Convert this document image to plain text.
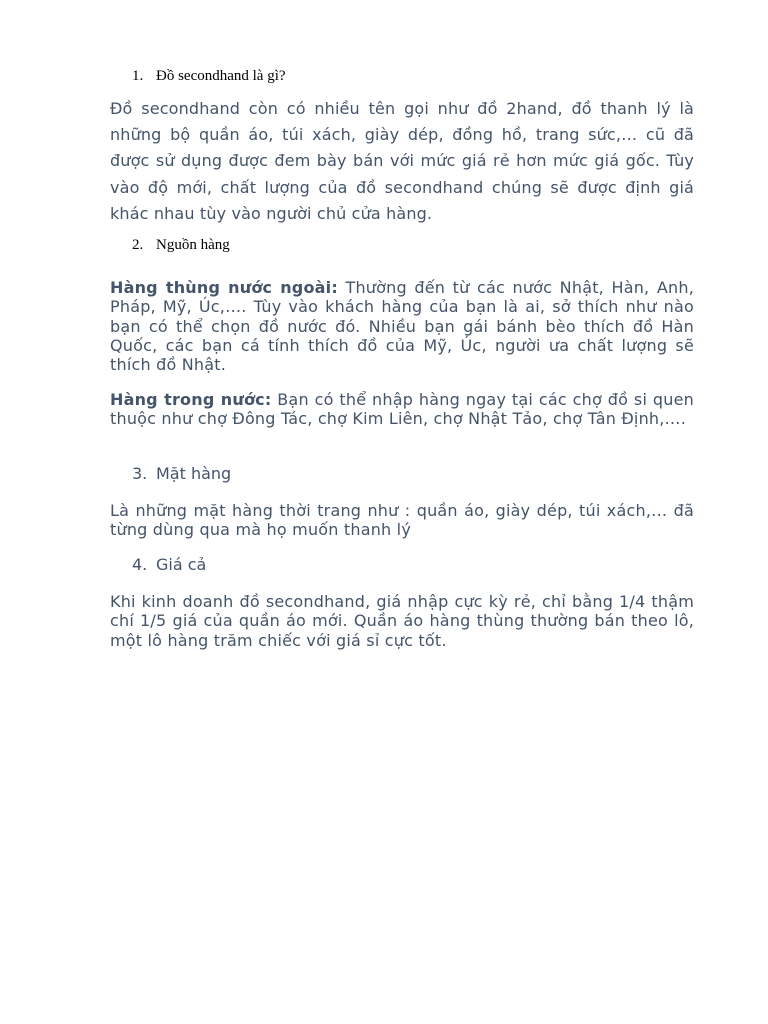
1. Đồ secondhand là gì?

Đồ secondhand còn có nhiều tên gọi như đồ 2hand, đồ thanh lý là những bộ quần áo, túi xách, giày dép, đồng hồ, trang sức,… cũ đã được sử dụng được đem bày bán với mức giá rẻ hơn mức giá gốc. Tùy vào độ mới, chất lượng của đồ secondhand chúng sẽ được định giá khác nhau tùy vào người chủ cửa hàng.

2. Nguồn hàng

Hàng thùng nước ngoài: Thường đến từ các nước Nhật, Hàn, Anh, Pháp, Mỹ, Úc,…. Tùy vào khách hàng của bạn là ai, sở thích như nào bạn có thể chọn đồ nước đó. Nhiều bạn gái bánh bèo thích đồ Hàn Quốc, các bạn cá tính thích đồ của Mỹ, Úc, người ưa chất lượng sẽ thích đồ Nhật.

Hàng trong nước: Bạn có thể nhập hàng ngay tại các chợ đồ si quen thuộc như chợ Đông Tác, chợ Kim Liên, chợ Nhật Tảo, chợ Tân Định,….

3. Mặt hàng

Là những mặt hàng thời trang như : quần áo, giày dép, túi xách,… đã từng dùng qua mà họ muốn thanh lý

4. Giá cả

Khi kinh doanh đồ secondhand, giá nhập cực kỳ rẻ, chỉ bằng 1/4 thậm chí 1/5 giá của quần áo mới. Quần áo hàng thùng thường bán theo lô, một lô hàng trăm chiếc với giá sỉ cực tốt.
